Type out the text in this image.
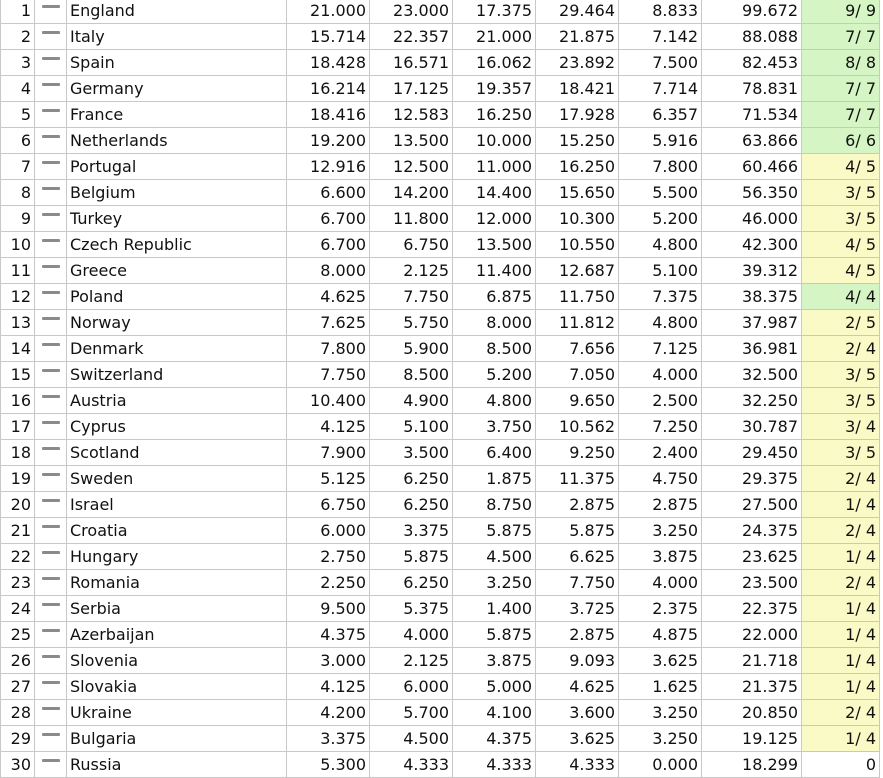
1		England	21.000	23.000	17.375	29.464	8.833	99.672	9/ 9
2		Italy	15.714	22.357	21.000	21.875	7.142	88.088	7/ 7
3		Spain	18.428	16.571	16.062	23.892	7.500	82.453	8/ 8
4		Germany	16.214	17.125	19.357	18.421	7.714	78.831	7/ 7
5		France	18.416	12.583	16.250	17.928	6.357	71.534	7/ 7
6		Netherlands	19.200	13.500	10.000	15.250	5.916	63.866	6/ 6
7		Portugal	12.916	12.500	11.000	16.250	7.800	60.466	4/ 5
8		Belgium	6.600	14.200	14.400	15.650	5.500	56.350	3/ 5
9		Turkey	6.700	11.800	12.000	10.300	5.200	46.000	3/ 5
10		Czech Republic	6.700	6.750	13.500	10.550	4.800	42.300	4/ 5
11		Greece	8.000	2.125	11.400	12.687	5.100	39.312	4/ 5
12		Poland	4.625	7.750	6.875	11.750	7.375	38.375	4/ 4
13		Norway	7.625	5.750	8.000	11.812	4.800	37.987	2/ 5
14		Denmark	7.800	5.900	8.500	7.656	7.125	36.981	2/ 4
15		Switzerland	7.750	8.500	5.200	7.050	4.000	32.500	3/ 5
16		Austria	10.400	4.900	4.800	9.650	2.500	32.250	3/ 5
17		Cyprus	4.125	5.100	3.750	10.562	7.250	30.787	3/ 4
18		Scotland	7.900	3.500	6.400	9.250	2.400	29.450	3/ 5
19		Sweden	5.125	6.250	1.875	11.375	4.750	29.375	2/ 4
20		Israel	6.750	6.250	8.750	2.875	2.875	27.500	1/ 4
21		Croatia	6.000	3.375	5.875	5.875	3.250	24.375	2/ 4
22		Hungary	2.750	5.875	4.500	6.625	3.875	23.625	1/ 4
23		Romania	2.250	6.250	3.250	7.750	4.000	23.500	2/ 4
24		Serbia	9.500	5.375	1.400	3.725	2.375	22.375	1/ 4
25		Azerbaijan	4.375	4.000	5.875	2.875	4.875	22.000	1/ 4
26		Slovenia	3.000	2.125	3.875	9.093	3.625	21.718	1/ 4
27		Slovakia	4.125	6.000	5.000	4.625	1.625	21.375	1/ 4
28		Ukraine	4.200	5.700	4.100	3.600	3.250	20.850	2/ 4
29		Bulgaria	3.375	4.500	4.375	3.625	3.250	19.125	1/ 4
30		Russia	5.300	4.333	4.333	4.333	0.000	18.299	0
